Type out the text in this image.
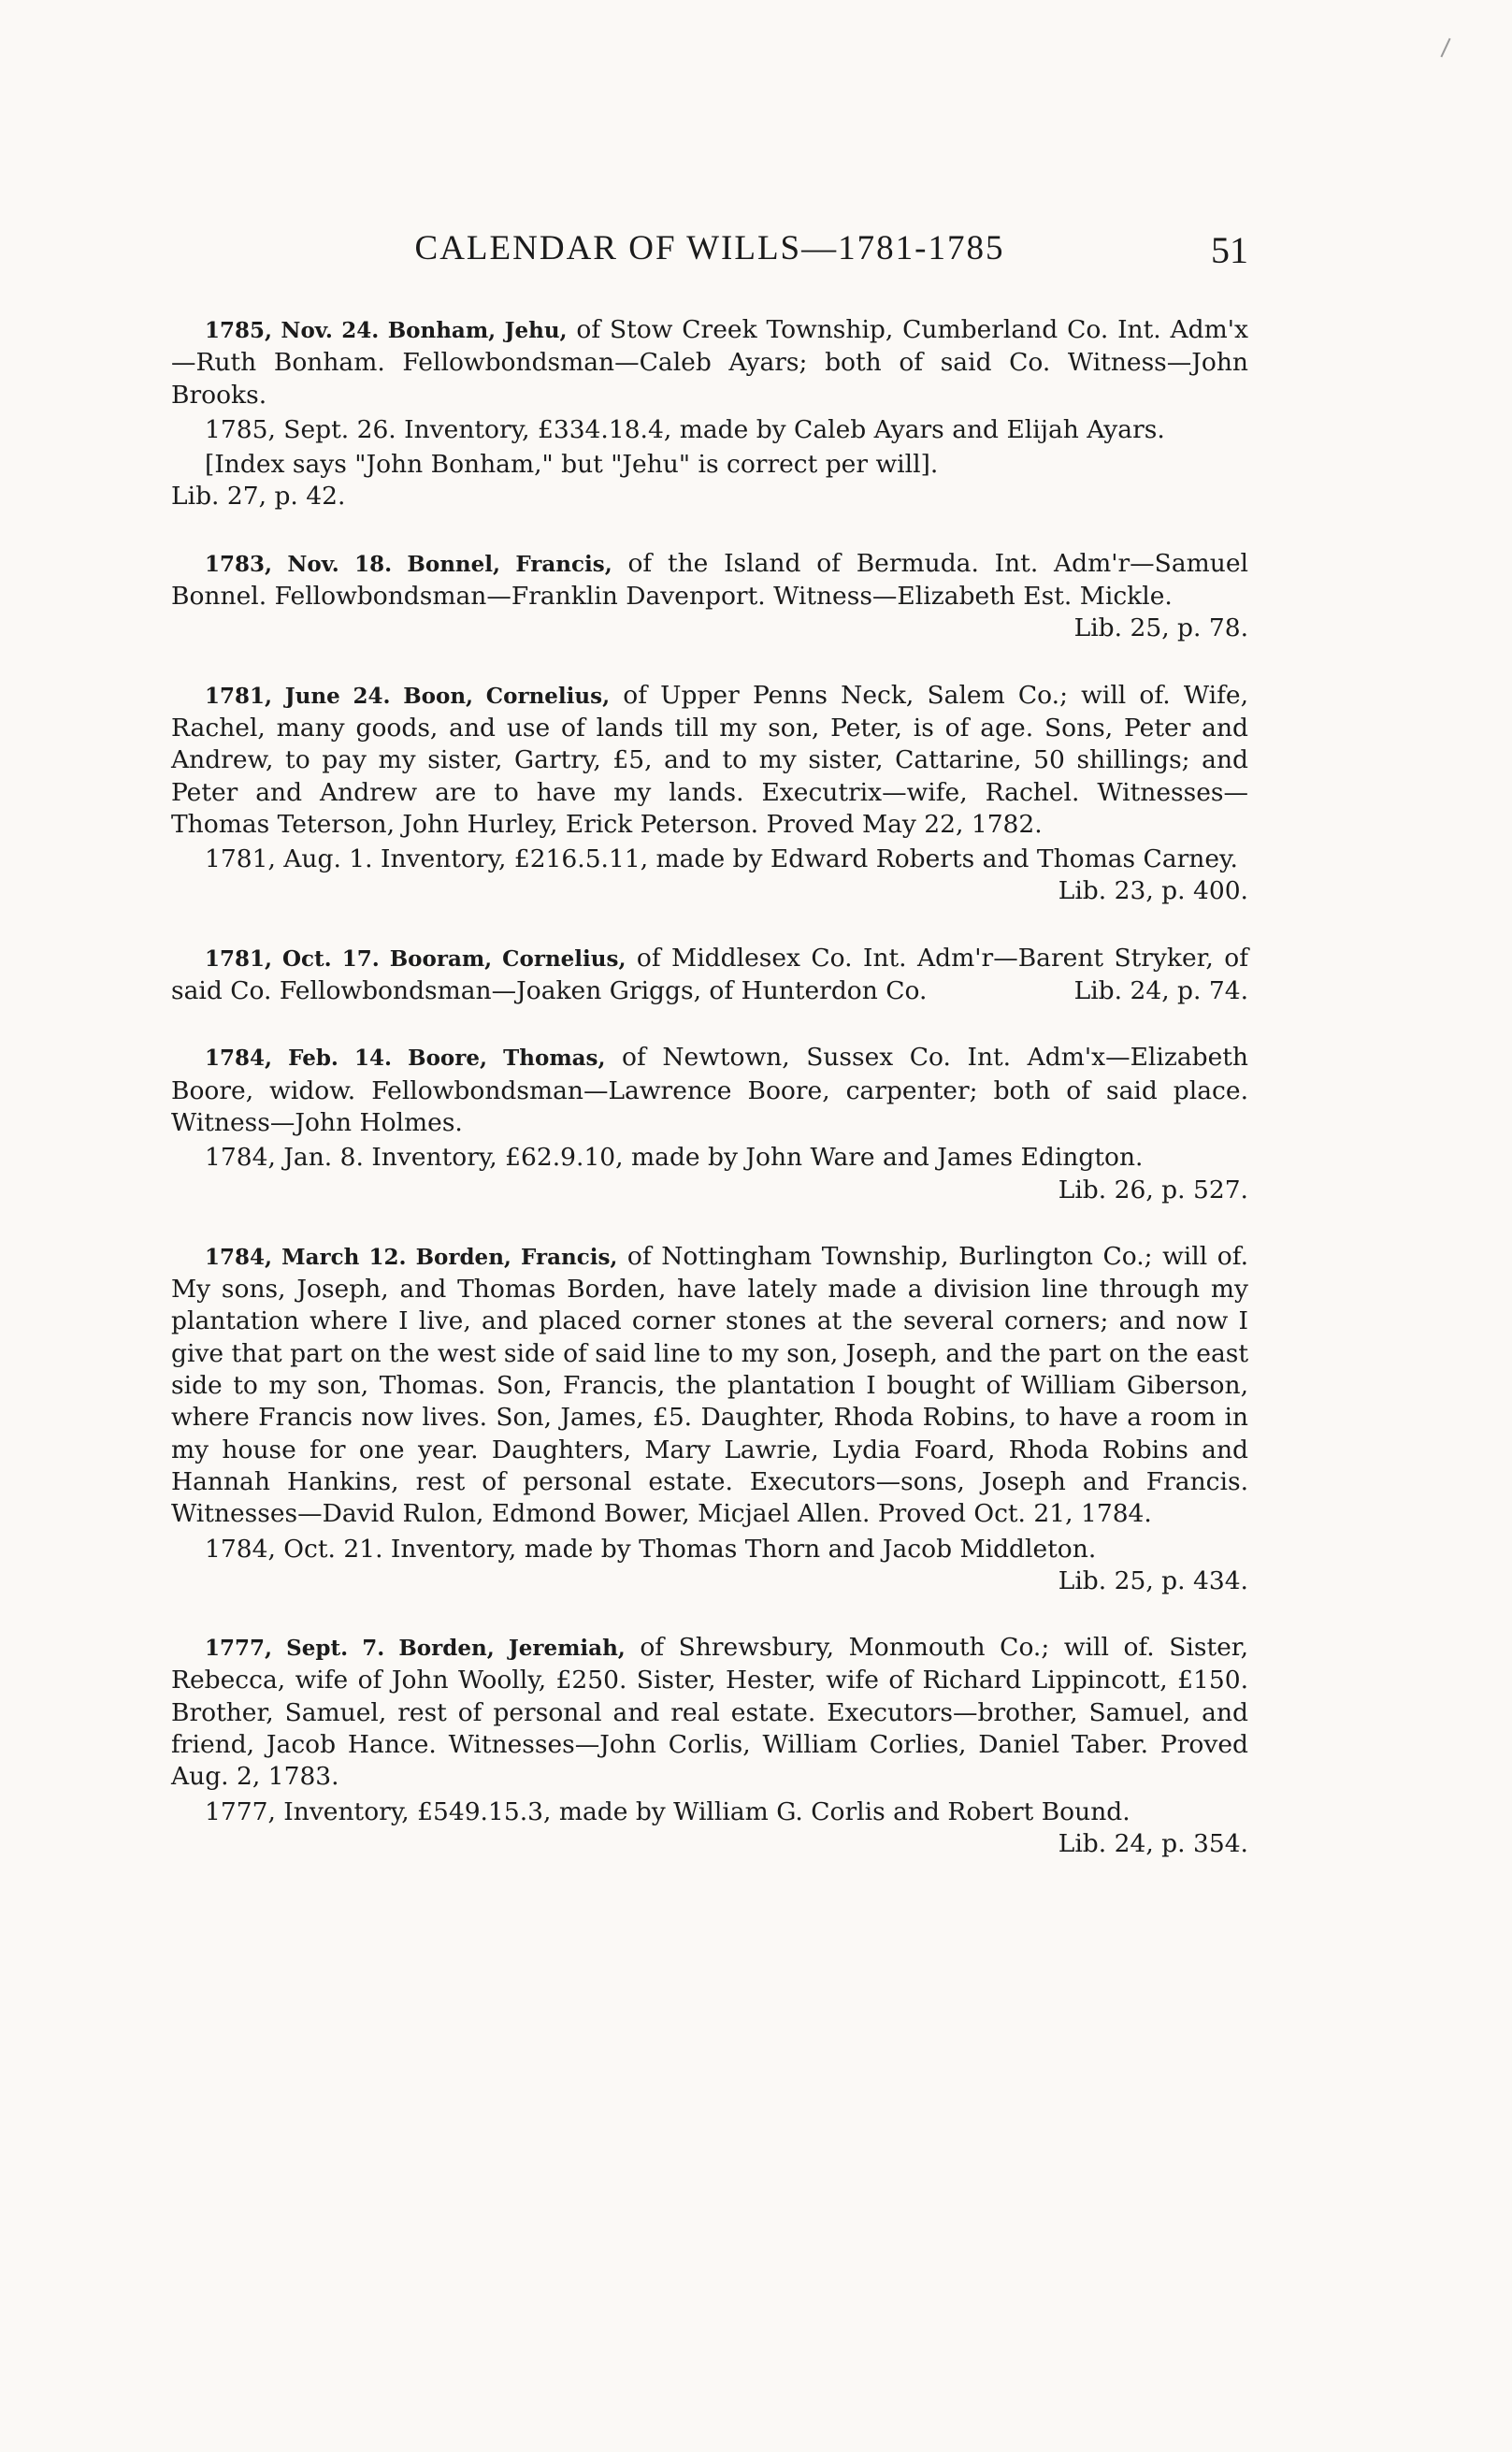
CALENDAR OF WILLS—1781-1785	51

1785, Nov. 24. Bonham, Jehu, of Stow Creek Township, Cumberland Co. Int. Adm'x—Ruth Bonham. Fellowbondsman—Caleb Ayars; both of said Co. Witness—John Brooks.

1785, Sept. 26. Inventory, £334.18.4, made by Caleb Ayars and Elijah Ayars.

[Index says "John Bonham," but "Jehu" is correct per will].

Lib. 27, p. 42.

1783, Nov. 18. Bonnel, Francis, of the Island of Bermuda. Int. Adm'r—Samuel Bonnel. Fellowbondsman—Franklin Davenport. Witness—Elizabeth Est. Mickle.
Lib. 25, p. 78.

1781, June 24. Boon, Cornelius, of Upper Penns Neck, Salem Co.; will of. Wife, Rachel, many goods, and use of lands till my son, Peter, is of age. Sons, Peter and Andrew, to pay my sister, Gartry, £5, and to my sister, Cattarine, 50 shillings; and Peter and Andrew are to have my lands. Executrix—wife, Rachel. Witnesses—Thomas Teterson, John Hurley, Erick Peterson. Proved May 22, 1782.

1781, Aug. 1. Inventory, £216.5.11, made by Edward Roberts and Thomas Carney.
Lib. 23, p. 400.

1781, Oct. 17. Booram, Cornelius, of Middlesex Co. Int. Adm'r—Barent Stryker, of said Co. Fellowbondsman—Joaken Griggs, of Hunterdon Co.	Lib. 24, p. 74.

1784, Feb. 14. Boore, Thomas, of Newtown, Sussex Co. Int. Adm'x—Elizabeth Boore, widow. Fellowbondsman—Lawrence Boore, carpenter; both of said place. Witness—John Holmes.

1784, Jan. 8. Inventory, £62.9.10, made by John Ware and James Edington.
Lib. 26, p. 527.

1784, March 12. Borden, Francis, of Nottingham Township, Burlington Co.; will of. My sons, Joseph, and Thomas Borden, have lately made a division line through my plantation where I live, and placed corner stones at the several corners; and now I give that part on the west side of said line to my son, Joseph, and the part on the east side to my son, Thomas. Son, Francis, the plantation I bought of William Giberson, where Francis now lives. Son, James, £5. Daughter, Rhoda Robins, to have a room in my house for one year. Daughters, Mary Lawrie, Lydia Foard, Rhoda Robins and Hannah Hankins, rest of personal estate. Executors—sons, Joseph and Francis. Witnesses—David Rulon, Edmond Bower, Micjael Allen. Proved Oct. 21, 1784.

1784, Oct. 21. Inventory, made by Thomas Thorn and Jacob Middleton.
Lib. 25, p. 434.

1777, Sept. 7. Borden, Jeremiah, of Shrewsbury, Monmouth Co.; will of. Sister, Rebecca, wife of John Woolly, £250. Sister, Hester, wife of Richard Lippincott, £150. Brother, Samuel, rest of personal and real estate. Executors—brother, Samuel, and friend, Jacob Hance. Witnesses—John Corlis, William Corlies, Daniel Taber. Proved Aug. 2, 1783.

1777, Inventory, £549.15.3, made by William G. Corlis and Robert Bound.
Lib. 24, p. 354.
